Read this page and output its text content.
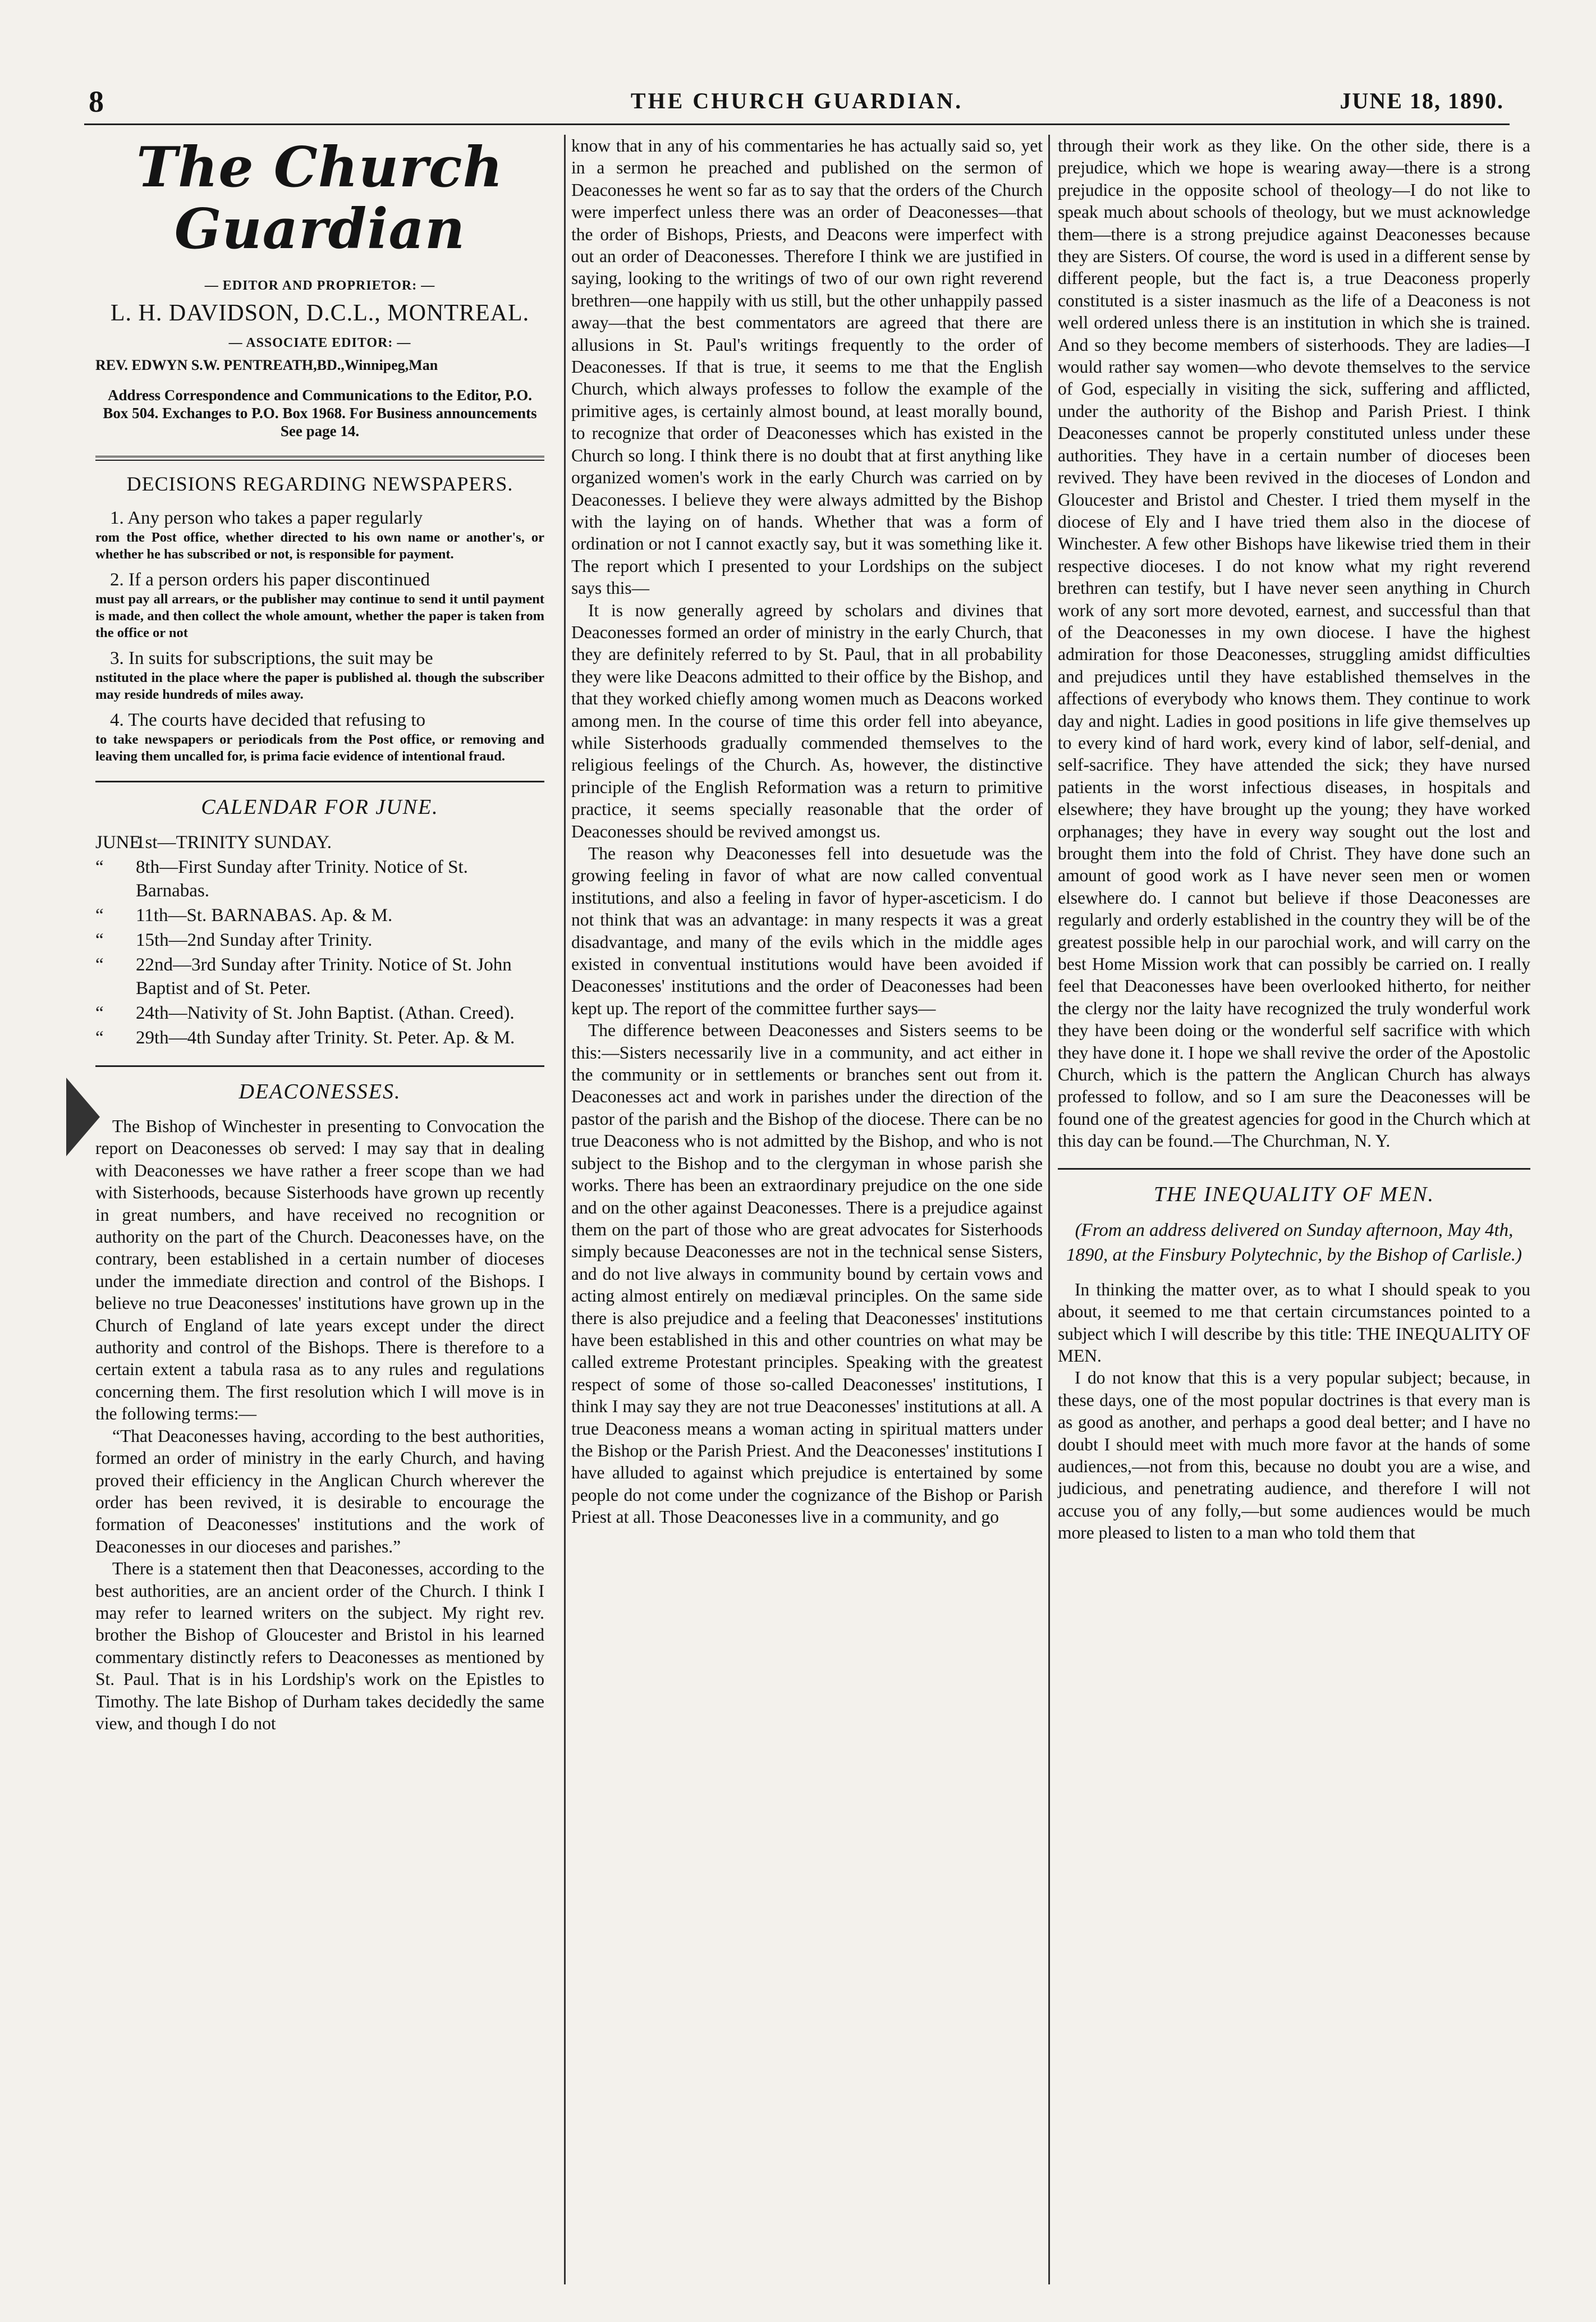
8	THE CHURCH GUARDIAN.	JUNE 18, 1890.
The Church Guardian
— EDITOR AND PROPRIETOR: —
L. H. DAVIDSON, D.C.L., MONTREAL.
— ASSOCIATE EDITOR: —
REV. EDWYN S.W. PENTREATH,BD.,Winnipeg,Man
Address Correspondence and Communications to the Editor, P.O. Box 504. Exchanges to P.O. Box 1968. For Business announcements See page 14.
DECISIONS REGARDING NEWSPAPERS.
1. Any person who takes a paper regularly
rom the Post office, whether directed to his own name or another's, or whether he has subscribed or not, is responsible for payment.
2. If a person orders his paper discontinued
must pay all arrears, or the publisher may continue to send it until payment is made, and then collect the whole amount, whether the paper is taken from the office or not
3. In suits for subscriptions, the suit may be
nstituted in the place where the paper is published al. though the subscriber may reside hundreds of miles away.
4. The courts have decided that refusing to
to take newspapers or periodicals from the Post office, or removing and leaving them uncalled for, is prima facie evidence of intentional fraud.
CALENDAR FOR JUNE.
JUNE
1st—TRINITY SUNDAY.
“	8th—First Sunday after Trinity. Notice of St. Barnabas.
“	11th—St. BARNABAS. Ap. & M.
“	15th—2nd Sunday after Trinity.
“	22nd—3rd Sunday after Trinity. Notice of St. John Baptist and of St. Peter.
“	24th—Nativity of St. John Baptist. (Athan. Creed).
“	29th—4th Sunday after Trinity. St. Peter. Ap. & M.
DEACONESSES.

The Bishop of Winchester in presenting to Convocation the report on Deaconesses ob served: I may say that in dealing with Deaconesses we have rather a freer scope than we had with Sisterhoods, because Sisterhoods have grown up recently in great numbers, and have received no recognition or authority on the part of the Church. Deaconesses have, on the contrary, been established in a certain number of dioceses under the immediate direction and control of the Bishops. I believe no true Deaconesses' institutions have grown up in the Church of England of late years except under the direct authority and control of the Bishops. There is therefore to a certain extent a tabula rasa as to any rules and regulations concerning them. The first resolution which I will move is in the following terms:—

“That Deaconesses having, according to the best authorities, formed an order of ministry in the early Church, and having proved their efficiency in the Anglican Church wherever the order has been revived, it is desirable to encourage the formation of Deaconesses' institutions and the work of Deaconesses in our dioceses and parishes.”

There is a statement then that Deaconesses, according to the best authorities, are an ancient order of the Church. I think I may refer to learned writers on the subject. My right rev. brother the Bishop of Gloucester and Bristol in his learned commentary distinctly refers to Deaconesses as mentioned by St. Paul. That is in his Lordship's work on the Epistles to Timothy. The late Bishop of Durham takes decidedly the same view, and though I do not

know that in any of his commentaries he has actually said so, yet in a sermon he preached and published on the sermon of Deaconesses he went so far as to say that the orders of the Church were imperfect unless there was an order of Deaconesses—that the order of Bishops, Priests, and Deacons were imperfect with out an order of Deaconesses. Therefore I think we are justified in saying, looking to the writings of two of our own right reverend brethren—one happily with us still, but the other unhappily passed away—that the best commentators are agreed that there are allusions in St. Paul's writings frequently to the order of Deaconesses. If that is true, it seems to me that the English Church, which always professes to follow the example of the primitive ages, is certainly almost bound, at least morally bound, to recognize that order of Deaconesses which has existed in the Church so long. I think there is no doubt that at first anything like organized women's work in the early Church was carried on by Deaconesses. I believe they were always admitted by the Bishop with the laying on of hands. Whether that was a form of ordination or not I cannot exactly say, but it was something like it. The report which I presented to your Lordships on the subject says this—

It is now generally agreed by scholars and divines that Deaconesses formed an order of ministry in the early Church, that they are definitely referred to by St. Paul, that in all probability they were like Deacons admitted to their office by the Bishop, and that they worked chiefly among women much as Deacons worked among men. In the course of time this order fell into abeyance, while Sisterhoods gradually commended themselves to the religious feelings of the Church. As, however, the distinctive principle of the English Reformation was a return to primitive practice, it seems specially reasonable that the order of Deaconesses should be revived amongst us.

The reason why Deaconesses fell into desuetude was the growing feeling in favor of what are now called conventual institutions, and also a feeling in favor of hyper-asceticism. I do not think that was an advantage: in many respects it was a great disadvantage, and many of the evils which in the middle ages existed in conventual institutions would have been avoided if Deaconesses' institutions and the order of Deaconesses had been kept up. The report of the committee further says—

The difference between Deaconesses and Sisters seems to be this:—Sisters necessarily live in a community, and act either in the community or in settlements or branches sent out from it. Deaconesses act and work in parishes under the direction of the pastor of the parish and the Bishop of the diocese. There can be no true Deaconess who is not admitted by the Bishop, and who is not subject to the Bishop and to the clergyman in whose parish she works. There has been an extraordinary prejudice on the one side and on the other against Deaconesses. There is a prejudice against them on the part of those who are great advocates for Sisterhoods simply because Deaconesses are not in the technical sense Sisters, and do not live always in community bound by certain vows and acting almost entirely on mediæval principles. On the same side there is also prejudice and a feeling that Deaconesses' institutions have been established in this and other countries on what may be called extreme Protestant principles. Speaking with the greatest respect of some of those so-called Deaconesses' institutions, I think I may say they are not true Deaconesses' institutions at all. A true Deaconess means a woman acting in spiritual matters under the Bishop or the Parish Priest. And the Deaconesses' institutions I have alluded to against which prejudice is entertained by some people do not come under the cognizance of the Bishop or Parish Priest at all. Those Deaconesses live in a community, and go

through their work as they like. On the other side, there is a prejudice, which we hope is wearing away—there is a strong prejudice in the opposite school of theology—I do not like to speak much about schools of theology, but we must acknowledge them—there is a strong prejudice against Deaconesses because they are Sisters. Of course, the word is used in a different sense by different people, but the fact is, a true Deaconess properly constituted is a sister inasmuch as the life of a Deaconess is not well ordered unless there is an institution in which she is trained. And so they become members of sisterhoods. They are ladies—I would rather say women—who devote themselves to the service of God, especially in visiting the sick, suffering and afflicted, under the authority of the Bishop and Parish Priest. I think Deaconesses cannot be properly constituted unless under these authorities. They have in a certain number of dioceses been revived. They have been revived in the dioceses of London and Gloucester and Bristol and Chester. I tried them myself in the diocese of Ely and I have tried them also in the diocese of Winchester. A few other Bishops have likewise tried them in their respective dioceses. I do not know what my right reverend brethren can testify, but I have never seen anything in Church work of any sort more devoted, earnest, and successful than that of the Deaconesses in my own diocese. I have the highest admiration for those Deaconesses, struggling amidst difficulties and prejudices until they have established themselves in the affections of everybody who knows them. They continue to work day and night. Ladies in good positions in life give themselves up to every kind of hard work, every kind of labor, self-denial, and self-sacrifice. They have attended the sick; they have nursed patients in the worst infectious diseases, in hospitals and elsewhere; they have brought up the young; they have worked orphanages; they have in every way sought out the lost and brought them into the fold of Christ. They have done such an amount of good work as I have never seen men or women elsewhere do. I cannot but believe if those Deaconesses are regularly and orderly established in the country they will be of the greatest possible help in our parochial work, and will carry on the best Home Mission work that can possibly be carried on. I really feel that Deaconesses have been overlooked hitherto, for neither the clergy nor the laity have recognized the truly wonderful work they have been doing or the wonderful self sacrifice with which they have done it. I hope we shall revive the order of the Apostolic Church, which is the pattern the Anglican Church has always professed to follow, and so I am sure the Deaconesses will be found one of the greatest agencies for good in the Church which at this day can be found.—The Churchman, N. Y.

THE INEQUALITY OF MEN.
(From an address delivered on Sunday afternoon, May 4th, 1890, at the Finsbury Polytechnic, by the Bishop of Carlisle.)

In thinking the matter over, as to what I should speak to you about, it seemed to me that certain circumstances pointed to a subject which I will describe by this title: THE INEQUALITY OF MEN.

I do not know that this is a very popular subject; because, in these days, one of the most popular doctrines is that every man is as good as another, and perhaps a good deal better; and I have no doubt I should meet with much more favor at the hands of some audiences,—not from this, because no doubt you are a wise, and judicious, and penetrating audience, and therefore I will not accuse you of any folly,—but some audiences would be much more pleased to listen to a man who told them that
